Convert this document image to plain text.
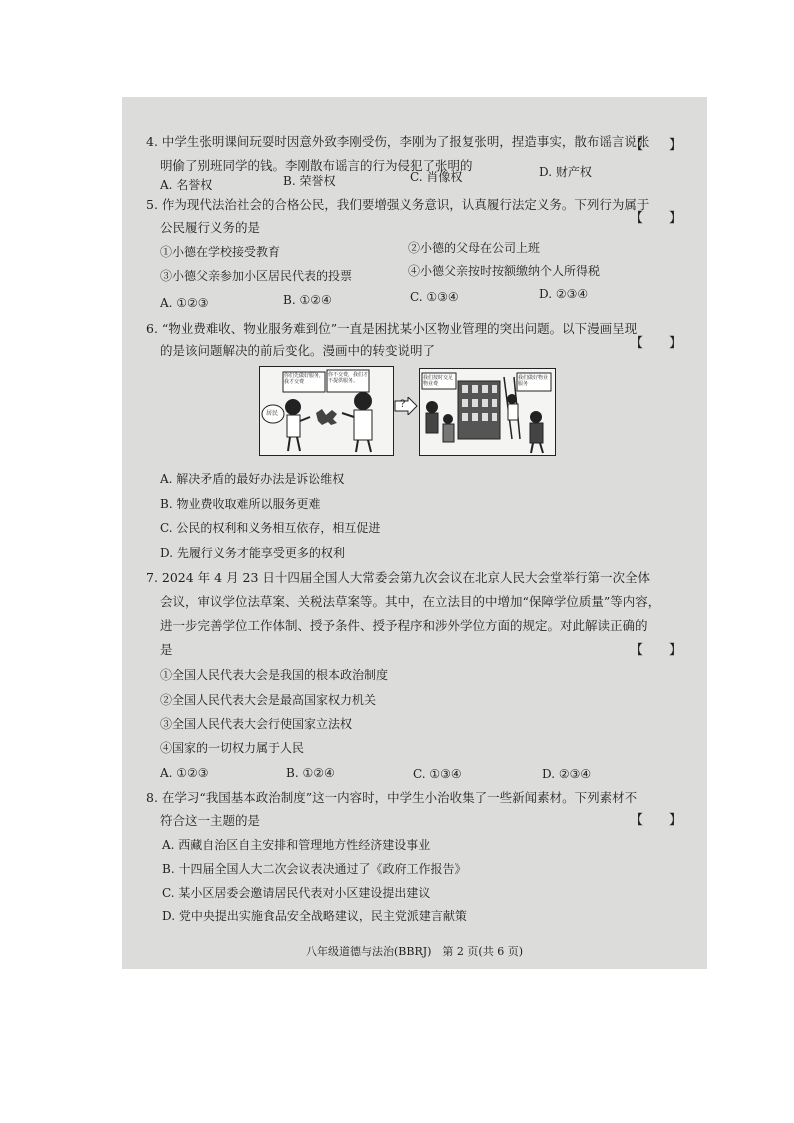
4. 中学生张明课间玩耍时因意外致李刚受伤，李刚为了报复张明，捏造事实，散布谣言说张
明偷了别班同学的钱。李刚散布谣言的行为侵犯了张明的
【　　】
A. 名誉权	B. 荣誉权	C. 肖像权	D. 财产权
5. 作为现代法治社会的合格公民，我们要增强义务意识，认真履行法定义务。下列行为属于
公民履行义务的是
【　　】
①小德在学校接受教育	②小德的父母在公司上班
③小德父亲参加小区居民代表的投票	④小德父亲按时按额缴纳个人所得税
A. ①②③	B. ①②④	C. ①③④	D. ②③④
6. “物业费难收、物业服务难到位”一直是困扰某小区物业管理的突出问题。以下漫画呈现
的是该问题解决的前后变化。漫画中的转变说明了	【　　】
你们先做好服务，我才交费
你不交费，我们才不提供服务。
居民
?
我们按时交足物业费
我们做好物业服务
A. 解决矛盾的最好办法是诉讼维权
B. 物业费收取难所以服务更难
C. 公民的权利和义务相互依存，相互促进
D. 先履行义务才能享受更多的权利
7. 2024 年 4 月 23 日十四届全国人大常委会第九次会议在北京人民大会堂举行第一次全体
会议，审议学位法草案、关税法草案等。其中，在立法目的中增加“保障学位质量”等内容，
进一步完善学位工作体制、授予条件、授予程序和涉外学位方面的规定。对此解读正确的
是	【　　】
①全国人民代表大会是我国的根本政治制度
②全国人民代表大会是最高国家权力机关
③全国人民代表大会行使国家立法权
④国家的一切权力属于人民
A. ①②③	B. ①②④	C. ①③④	D. ②③④
8. 在学习“我国基本政治制度”这一内容时，中学生小治收集了一些新闻素材。下列素材不
符合这一主题的是	【　　】
A. 西藏自治区自主安排和管理地方性经济建设事业
B. 十四届全国人大二次会议表决通过了《政府工作报告》
C. 某小区居委会邀请居民代表对小区建设提出建议
D. 党中央提出实施食品安全战略建议，民主党派建言献策
八年级道德与法治(BBRJ)　第 2 页(共 6 页)
